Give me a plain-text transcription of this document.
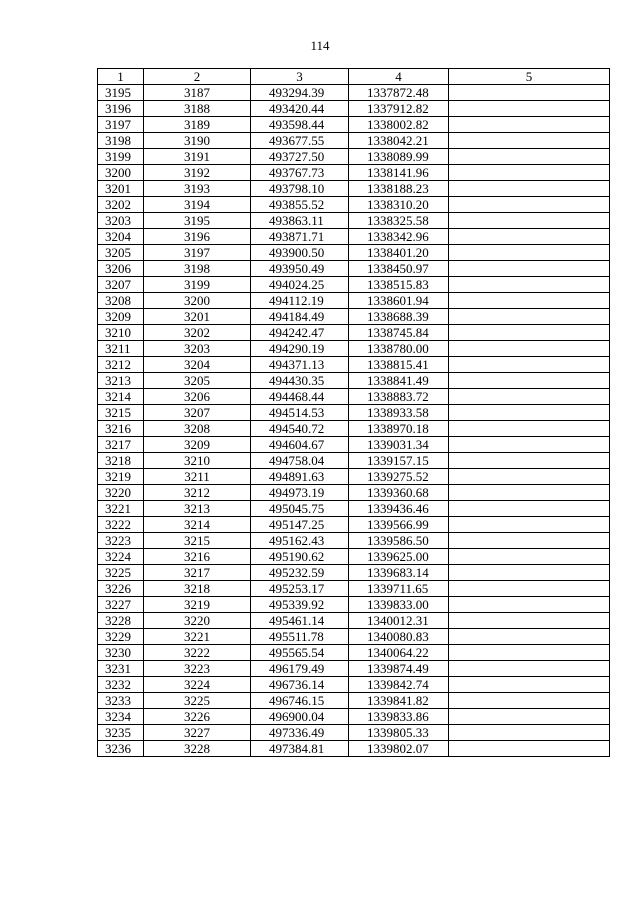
114
1	2	3	4	5
3195	3187	493294.39	1337872.48	
3196	3188	493420.44	1337912.82	
3197	3189	493598.44	1338002.82	
3198	3190	493677.55	1338042.21	
3199	3191	493727.50	1338089.99	
3200	3192	493767.73	1338141.96	
3201	3193	493798.10	1338188.23	
3202	3194	493855.52	1338310.20	
3203	3195	493863.11	1338325.58	
3204	3196	493871.71	1338342.96	
3205	3197	493900.50	1338401.20	
3206	3198	493950.49	1338450.97	
3207	3199	494024.25	1338515.83	
3208	3200	494112.19	1338601.94	
3209	3201	494184.49	1338688.39	
3210	3202	494242.47	1338745.84	
3211	3203	494290.19	1338780.00	
3212	3204	494371.13	1338815.41	
3213	3205	494430.35	1338841.49	
3214	3206	494468.44	1338883.72	
3215	3207	494514.53	1338933.58	
3216	3208	494540.72	1338970.18	
3217	3209	494604.67	1339031.34	
3218	3210	494758.04	1339157.15	
3219	3211	494891.63	1339275.52	
3220	3212	494973.19	1339360.68	
3221	3213	495045.75	1339436.46	
3222	3214	495147.25	1339566.99	
3223	3215	495162.43	1339586.50	
3224	3216	495190.62	1339625.00	
3225	3217	495232.59	1339683.14	
3226	3218	495253.17	1339711.65	
3227	3219	495339.92	1339833.00	
3228	3220	495461.14	1340012.31	
3229	3221	495511.78	1340080.83	
3230	3222	495565.54	1340064.22	
3231	3223	496179.49	1339874.49	
3232	3224	496736.14	1339842.74	
3233	3225	496746.15	1339841.82	
3234	3226	496900.04	1339833.86	
3235	3227	497336.49	1339805.33	
3236	3228	497384.81	1339802.07	
